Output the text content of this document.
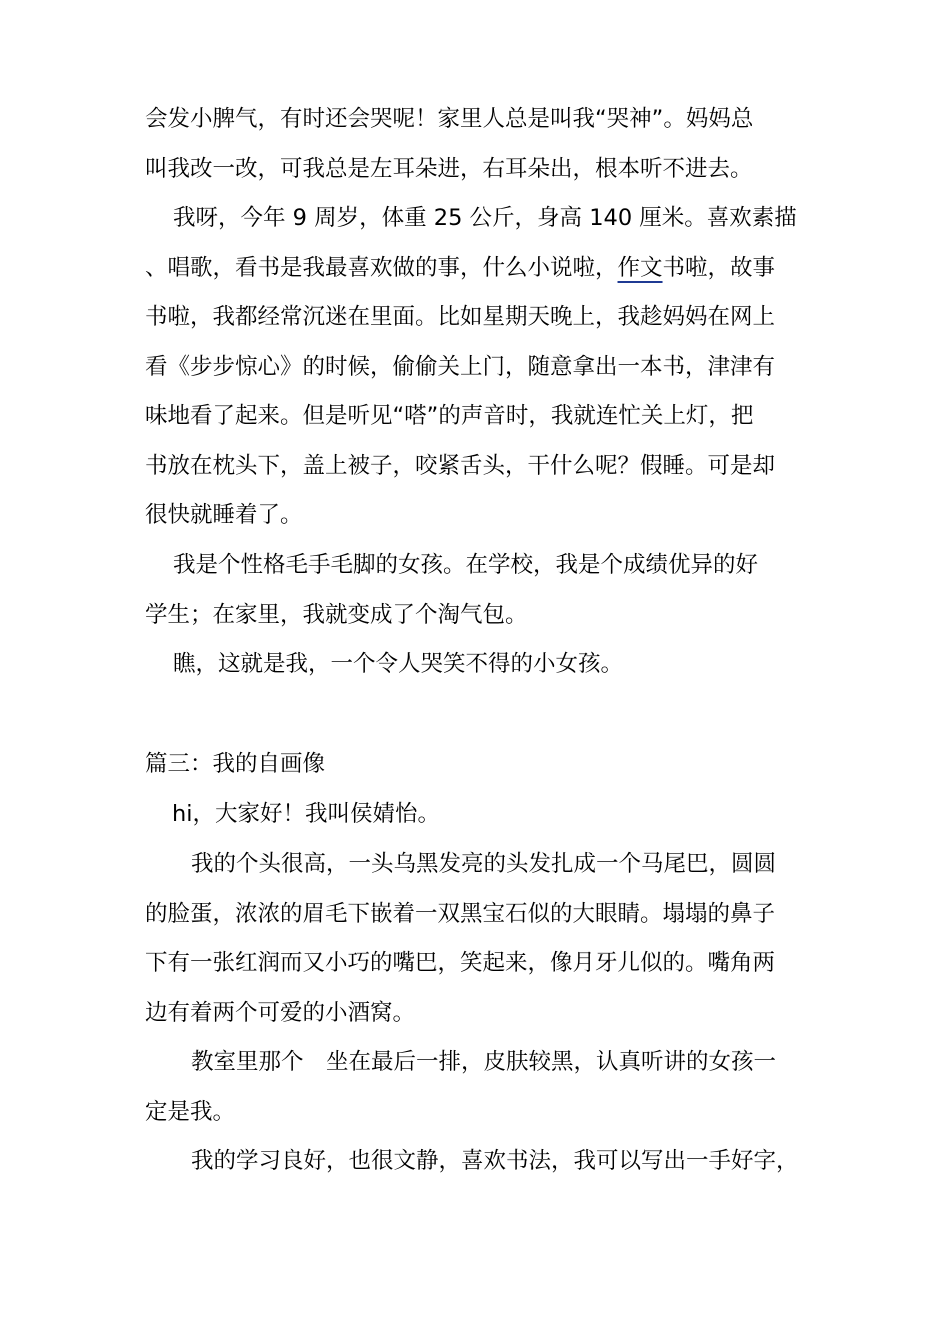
会发小脾气，有时还会哭呢！家里人总是叫我“哭神”。妈妈总
叫我改一改，可我总是左耳朵进，右耳朵出，根本听不进去。

我呀，今年 9 周岁，体重 25 公斤，身高 140 厘米。喜欢素描
、唱歌，看书是我最喜欢做的事，什么小说啦，作文书啦，故事
书啦，我都经常沉迷在里面。比如星期天晚上，我趁妈妈在网上
看《步步惊心》的时候，偷偷关上门，随意拿出一本书，津津有
味地看了起来。但是听见“嗒”的声音时，我就连忙关上灯，把
书放在枕头下，盖上被子，咬紧舌头，干什么呢？假睡。可是却
很快就睡着了。

我是个性格毛手毛脚的女孩。在学校，我是个成绩优异的好
学生；在家里，我就变成了个淘气包。

瞧，这就是我，一个令人哭笑不得的小女孩。

篇三：我的自画像

hi，大家好！我叫侯婧怡。

我的个头很高，一头乌黑发亮的头发扎成一个马尾巴，圆圆
的脸蛋，浓浓的眉毛下嵌着一双黑宝石似的大眼睛。塌塌的鼻子
下有一张红润而又小巧的嘴巴，笑起来，像月牙儿似的。嘴角两
边有着两个可爱的小酒窝。

教室里那个　坐在最后一排，皮肤较黑，认真听讲的女孩一
定是我。

我的学习良好，也很文静，喜欢书法，我可以写出一手好字，
